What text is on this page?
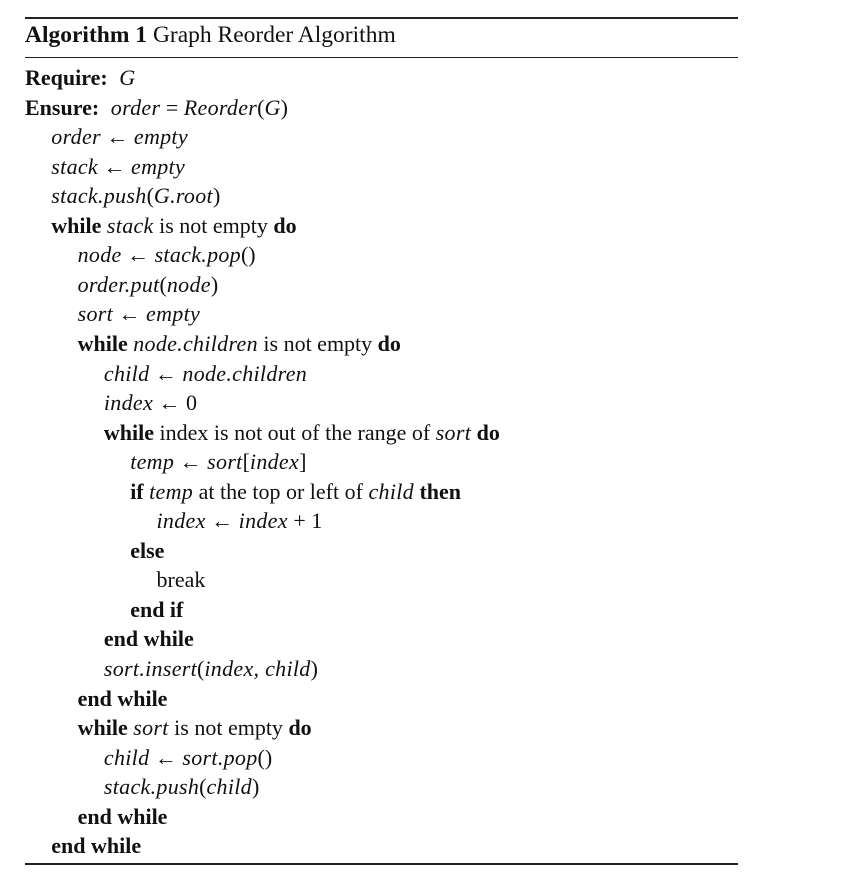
Algorithm 1 Graph Reorder Algorithm
Require:  G
Ensure:  order = Reorder(G)
order ← empty
stack ← empty
stack.push(G.root)
while stack is not empty do
node ← stack.pop()
order.put(node)
sort ← empty
while node.children is not empty do
child ← node.children
index ← 0
while index is not out of the range of sort do
temp ← sort[index]
if temp at the top or left of child then
index ← index + 1
else
break
end if
end while
sort.insert(index, child)
end while
while sort is not empty do
child ← sort.pop()
stack.push(child)
end while
end while
